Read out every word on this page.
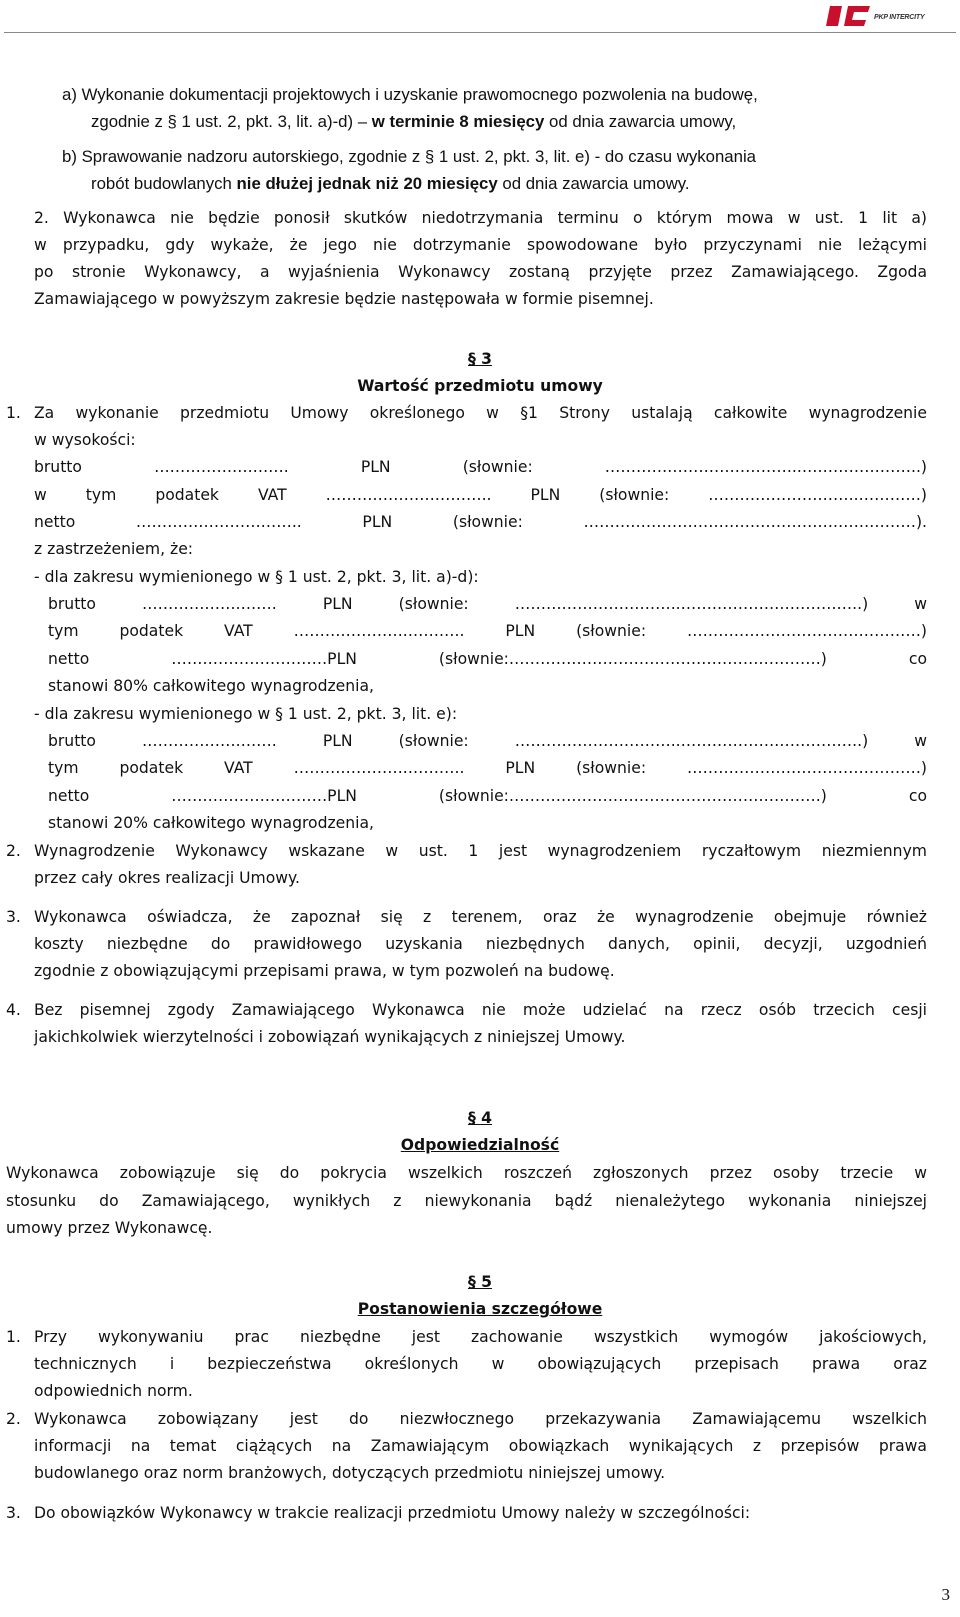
PKP INTERCITY
a) Wykonanie dokumentacji projektowych i uzyskanie prawomocnego pozwolenia na budowę,
zgodnie z § 1 ust. 2, pkt. 3, lit. a)-d) – w terminie 8 miesięcy od dnia zawarcia umowy,
b) Sprawowanie nadzoru autorskiego, zgodnie z § 1 ust. 2, pkt. 3, lit. e) - do czasu wykonania
robót budowlanych nie dłużej jednak niż 20 miesięcy od dnia zawarcia umowy.
2. Wykonawca nie będzie ponosił skutków niedotrzymania terminu o którym mowa w ust. 1 lit a)
w przypadku, gdy wykaże, że jego nie dotrzymanie spowodowane było przyczynami nie leżącymi
po stronie Wykonawcy, a wyjaśnienia Wykonawcy zostaną przyjęte przez Zamawiającego. Zgoda
Zamawiającego w powyższym zakresie będzie następowała w formie pisemnej.
§ 3
Wartość przedmiotu umowy
1. Za wykonanie przedmiotu Umowy określonego w §1 Strony ustalają całkowite wynagrodzenie
w wysokości:
brutto ……………….……. PLN (słownie: ………………………………..…………………..)
w tym podatek VAT ………………………….. PLN (słownie: ………………………..…………)
netto ………………………….. PLN (słownie: ………………………………………….……………).
z zastrzeżeniem, że:
- dla zakresu wymienionego w § 1 ust. 2, pkt. 3, lit. a)-d):
brutto ……………….……. PLN (słownie: …………………………..……………………………..) w
tym podatek VAT ………………….……….. PLN (słownie: ………………………………………)
netto …………………………PLN (słownie:……………………………………………………) co
stanowi 80% całkowitego wynagrodzenia,
- dla zakresu wymienionego w § 1 ust. 2, pkt. 3, lit. e):
brutto ……………….……. PLN (słownie: …………………………..……………………………..) w
tym podatek VAT ………………….……….. PLN (słownie: ………………………………………)
netto …………………………PLN (słownie:……………………………………………………) co
stanowi 20% całkowitego wynagrodzenia,
2. Wynagrodzenie Wykonawcy wskazane w ust. 1 jest wynagrodzeniem ryczałtowym niezmiennym
przez cały okres realizacji Umowy.
3. Wykonawca oświadcza, że zapoznał się z terenem, oraz że wynagrodzenie obejmuje również
koszty niezbędne do prawidłowego uzyskania niezbędnych danych, opinii, decyzji, uzgodnień
zgodnie z obowiązującymi przepisami prawa, w tym pozwoleń na budowę.
4. Bez pisemnej zgody Zamawiającego Wykonawca nie może udzielać na rzecz osób trzecich cesji
jakichkolwiek wierzytelności i zobowiązań wynikających z niniejszej Umowy.
§ 4
Odpowiedzialność
Wykonawca zobowiązuje się do pokrycia wszelkich roszczeń zgłoszonych przez osoby trzecie w
stosunku do Zamawiającego, wynikłych z niewykonania bądź nienależytego wykonania niniejszej
umowy przez Wykonawcę.
§ 5
Postanowienia szczegółowe
1. Przy wykonywaniu prac niezbędne jest zachowanie wszystkich wymogów jakościowych,
technicznych i bezpieczeństwa określonych w obowiązujących przepisach prawa oraz
odpowiednich norm.
2. Wykonawca zobowiązany jest do niezwłocznego przekazywania Zamawiającemu wszelkich
informacji na temat ciążących na Zamawiającym obowiązkach wynikających z przepisów prawa
budowlanego oraz norm branżowych, dotyczących przedmiotu niniejszej umowy.
3. Do obowiązków Wykonawcy w trakcie realizacji przedmiotu Umowy należy w szczególności:
3
